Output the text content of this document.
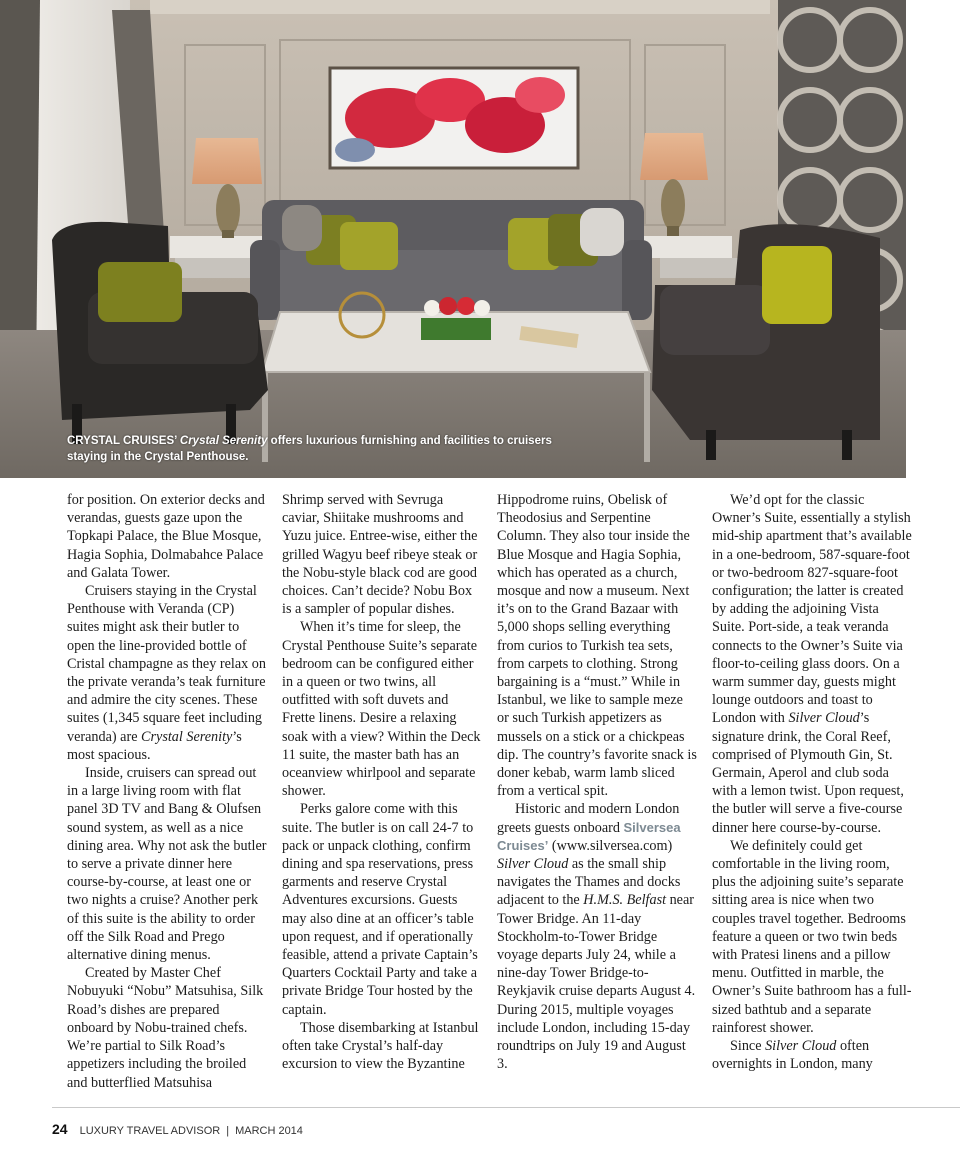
CRYSTAL CRUISES’ Crystal Serenity offers luxurious furnishing and facilities to cruisers staying in the Crystal Penthouse.

for position. On exterior decks and verandas, guests gaze upon the Topkapi Palace, the Blue Mosque, Hagia Sophia, Dolmabahce Palace and Galata Tower.

Cruisers staying in the Crystal Penthouse with Veranda (CP) suites might ask their butler to open the line-provided bottle of Cristal champagne as they relax on the private veranda’s teak furniture and admire the city scenes. These suites (1,345 square feet including veranda) are Crystal Serenity’s most spacious.

Inside, cruisers can spread out in a large living room with flat panel 3D TV and Bang & Olufsen sound system, as well as a nice dining area. Why not ask the butler to serve a private dinner here course-by-course, at least one or two nights a cruise? Another perk of this suite is the ability to order off the Silk Road and Prego alternative dining menus.

Created by Master Chef Nobuyuki “Nobu” Matsuhisa, Silk Road’s dishes are prepared onboard by Nobu-trained chefs. We’re partial to Silk Road’s appetizers including the broiled and butterflied Matsuhisa

Shrimp served with Sevruga caviar, Shiitake mushrooms and Yuzu juice. Entree-wise, either the grilled Wagyu beef ribeye steak or the Nobu-style black cod are good choices. Can’t decide? Nobu Box is a sampler of popular dishes.

When it’s time for sleep, the Crystal Penthouse Suite’s separate bedroom can be configured either in a queen or two twins, all outfitted with soft duvets and Frette linens. Desire a relaxing soak with a view? Within the Deck 11 suite, the master bath has an oceanview whirlpool and separate shower.

Perks galore come with this suite. The butler is on call 24-7 to pack or unpack clothing, confirm dining and spa reservations, press garments and reserve Crystal Adventures excursions. Guests may also dine at an officer’s table upon request, and if operationally feasible, attend a private Captain’s Quarters Cocktail Party and take a private Bridge Tour hosted by the captain.

Those disembarking at Istanbul often take Crystal’s half-day excursion to view the Byzantine

Hippodrome ruins, Obelisk of Theodosius and Serpentine Column. They also tour inside the Blue Mosque and Hagia Sophia, which has operated as a church, mosque and now a museum. Next it’s on to the Grand Bazaar with 5,000 shops selling everything from curios to Turkish tea sets, from carpets to clothing. Strong bargaining is a “must.” While in Istanbul, we like to sample meze or such Turkish appetizers as mussels on a stick or a chickpeas dip. The country’s favorite snack is doner kebab, warm lamb sliced from a vertical spit.

Historic and modern London greets guests onboard Silversea Cruises’ (www.silversea.com) Silver Cloud as the small ship navigates the Thames and docks adjacent to the H.M.S. Belfast near Tower Bridge. An 11-day Stockholm-to-Tower Bridge voyage departs July 24, while a nine-day Tower Bridge-to-Reykjavik cruise departs August 4. During 2015, multiple voyages include London, including 15-day roundtrips on July 19 and August 3.

We’d opt for the classic Owner’s Suite, essentially a stylish mid-ship apartment that’s available in a one-bedroom, 587-square-foot or two-bedroom 827-square-foot configuration; the latter is created by adding the adjoining Vista Suite. Port-side, a teak veranda connects to the Owner’s Suite via floor-to-ceiling glass doors. On a warm summer day, guests might lounge outdoors and toast to London with Silver Cloud’s signature drink, the Coral Reef, comprised of Plymouth Gin, St. Germain, Aperol and club soda with a lemon twist. Upon request, the butler will serve a five-course dinner here course-by-course.

We definitely could get comfortable in the living room, plus the adjoining suite’s separate sitting area is nice when two couples travel together. Bedrooms feature a queen or two twin beds with Pratesi linens and a pillow menu. Outfitted in marble, the Owner’s Suite bathroom has a full-sized bathtub and a separate rainforest shower.

Since Silver Cloud often overnights in London, many

24 LUXURY TRAVEL ADVISOR | MARCH 2014
